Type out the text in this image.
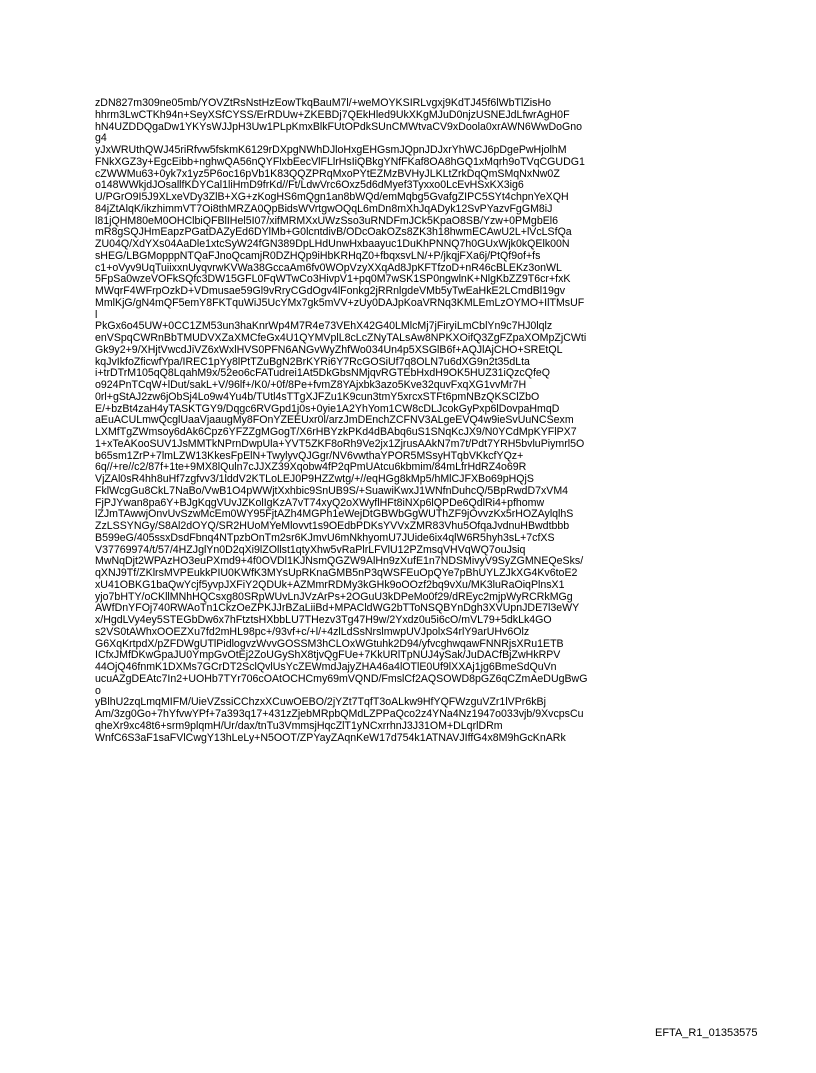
zDN827m309ne05mb/YOVZtRsNstHzEowTkqBauM7l/+weMOYKSIRLvgxj9KdTJ45f6lWbTlZisHo
hhrm3LwCTKh94n+SeyXSfCYSS/ErRDUw+ZKEBDj7QEkHled9UkXKgMJuD0njzUSNEJdLfwrAgH0F
hN4UZDDQgaDw1YKYsWJJpH3Uw1PLpKmxBlkFUtOPdkSUnCMWtvaCV9xDoola0xrAWN6WwDoGno
g4
yJxWRUthQWJ45riRfvw5fskmK6129rDXpgNWhDJloHxgEHGsmJQpnJDJxrYhWCJ6pDgePwHjolhM
FNkXGZ3y+EgcEibb+nghwQA56nQYFlxbEecVlFLlrHsIiQBkgYNfFKaf8OA8hGQ1xMqrh9oTVqCGUDG1
cZWWMu63+0yk7x1yz5P6oc16pVb1K83QQZPRqMxoPYtEZMzBVHyJLKLtZrkDqQmSMqNxNw0Z
o148WWkjdJOsallfKDYCal1liHmD9frKd//Ft/LdwVrc6Oxz5d6dMyef3Tyxxo0LcEvHSxKX3ig6
U/PGrO9I5J9XLxeVDy3ZlB+XG+zKogHS6mQgn1an8bWQd/emMqbg5GvafgZIPC5SYt4chpnYeXQH
84jZtAlqK/ikzhimmVT7Oi8thMRZA0QpBidsWVrtgwOQqL6mDn8mXhJqADyk12SvPYazvFgGM8iJ
l81jQHM80eM0OHClbiQFBlIHel5I07/xifMRMXxUWzSso3uRNDFmJCk5KpaO8SB/Yzw+0PMgbEl6
mR8gSQJHmEapzPGatDAZyEd6DYlMb+G0lcntdivB/ODcOakOZs8ZK3h18hwmECAwU2L+lVcLSfQa
ZU04Q/XdYXs04AaDle1xtcSyW24fGN389DpLHdUnwHxbaayuc1DuKhPNNQ7h0GUxWjk0kQElk00N
sHEG/LBGMopppNTQaFJnoQcamjR0DZHQp9iHbKRHqZ0+fbqxsvLN/+P/jkqjFXa6j/PtQf9of+fs
c1+oVyv9UqTuiixxnUyqvrwKVWa38GccaAm6fv0WOpVzyXXqAd8JpKFTfzoD+nR46cBLEKz3onWL
5FpSa0wzeVOFkSQfc3DW15GFL0FqWTwCo3HivpV1+pq0M7wSK1SP0ngwlnK+NlgKbZZ9T6cr+fxK
MWqrF4WFrpOzkD+VDmusae59Gl9vRryCGdOgv4lFonkg2jRRnlgdeVMb5yTwEaHkE2LCmdBl19gv
MmlKjG/gN4mQF5emY8FKTquWiJ5UcYMx7gk5mVV+zUy0DAJpKoaVRNq3KMLEmLzOYMO+IlTMsUF
l
PkGx6o45UW+0CC1ZM53un3haKnrWp4M7R4e73VEhX42G40LMlcMj7jFiryiLmCblYn9c7HJ0lqlz
enVSpqCWRnBbTMUDVXZaXMCfeGx4U1QYMVplL8cLcZNyTALsAw8NPKXOifQ3ZgFZpaXOMpZjCWti
Gk9y2+9/XHjtVwcdJiVZ6xWxlHVS0PFN6ANGvWyZhfWo034Un4p5XSGlB6f+AQJlAjCHO+SREtQL
kqJvIkfoZficwfYpa/IREC1pYy8lPtTZuBgN2BrKYRi6Y7RcGOSiUf7q8OLN7u6dXG9n2t35dLta
i+trDTrM105qQ8LqahM9x/52eo6cFATudrei1At5DkGbsNMjqvRGTEbHxdH9OK5HUZ31iQzcQfeQ
o924PnTCqW+lDut/sakL+V/96lf+/K0/+0f/8Pe+fvmZ8YAjxbk3azo5Kve32quvFxqXG1vvMr7H
0rl+gStAJ2zw6jObSj4Lo9w4Yu4b/TUtl4sTTgXJFZu1K9cun3tmY5xrcxSTFt6pmNBzQKSClZbO
E/+bzBt4zaH4yTASKTGY9/Dqgc6RVGpd1j0s+0yie1A2YhYom1CW8cDLJcokGyPxp6lDovpaHmqD
aEuACULmwQcglUaaVjaaugMy8FOnYZEEUxr0l/arzJmDEnchZCFNV3ALgeEVQ4w9ieSvUuNCSexm
LXMfTgZWmsoy6dAk6Cpz6YFZZgMGogT/X6rHBYzkPKd4dBAbq6uS1SNqKcJX9/N0YCdMpKYFlPX7
1+xTeAKooSUV1JsMMTkNPrnDwpUla+YVT5ZKF8oRh9Ve2jx1ZjrusAAkN7m7t/Pdt7YRH5bvluPiymrl5O
b65sm1ZrP+7lmLZW13KkesFpElN+TwylyvQJGgr/NV6vwthaYPOR5MSsyHTqbVKkcfYQz+
6q//+re//c2/87f+1te+9MX8lQuln7cJJXZ39Xqobw4fP2qPmUAtcu6kbmim/84mLfrHdRZ4o69R
VjZAl0sR4hh8uHf7zgfvv3/1lddV2KTLoLEJ0P9HZZwtg/+//eqHGg8kMp5/hMlCJFXBo69pHQjS
FklWcgGu8CkL7NaBo/VwB1O4pWWjtXxhbic9SnUB9S/+SuawiKwxJ1WNfnDuhcQ/5BpRwdD7xVM4
FjPJYwan8pa6Y+BJgKqgVUvJZKolIgKzA7vT74xyQ2oXWyflHFt8iNXp6lQPDe6QdlRi4+pfhomw
lZJmTAwwjOnvUvSzwMcEm0WY95FjtAZh4MGPh1eWejDtGBWbGgWUThZF9jOvvzKx5rHOZAylqlhS
ZzLSSYNGy/S8Al2dOYQ/SR2HUoMYeMlovvt1s9OEdbPDKsYVVxZMR83Vhu5OfqaJvdnuHBwdtbbb
B599eG/405ssxDsdFbnq4NTpzbOnTm2sr6KJmvU6mNkhyomU7JUide6ix4qlW6R5hyh3sL+7cfXS
V37769974/t/57/4HZJglYn0D2qXi9lZOllst1qtyXhw5vRaPlrLFVlU12PZmsqVHVqWQ7ouJsiq
MwNqDjt2WPAzHO3euPXmd9+4f0OVDl1KJNsmQGZW9AlHn9zXufE1n7NDSMivyV9SyZGMNEQeSks/
qXNJ9Tf/ZKlrsMVPEukkPIU0KWfK3MYsUpRKnaGMB5nP3qWSFEuOpQYe7pBhUYLZJkXG4Kv6toE2
xU41OBKG1baQwYcjf5yvpJXFiY2QDUk+AZMmrRDMy3kGHk9oOOzf2bq9vXu/MK3luRaOiqPlnsX1
yjo7bHTY/oCKllMNhHQCsxg80SRpWUvLnJVzArPs+2OGuU3kDPeMo0f29/dREyc2mjpWyRCRkMGg
AWfDnYFOj740RWAoTn1CkzOeZPKJJrBZaLiiBd+MPACldWG2bTToNSQBYnDgh3XVUpnJDE7l3eWY
x/HgdLVy4ey5STEGbDw6x7hFtztsHXbbLU7THezv3Tg47H9w/2Yxdz0u5i6cO/mVL79+5dkLk4GO
s2VS0tAWhxOOEZXu7fd2mHL98pc+/93vf+c/+l/+4zlLdSsNrslmwpUVJpolxS4rlY9arUHv6Olz
G6XqKrtpdX/pZFDWgUTlPidlogvzWvvGOSSM3hCLOxWGtuhk2D94/yfvcghwqawFNNRjsXRu1ETB
ICfxJMfDKwGpaJU0YmpGvOtEj2ZoUGyShX8tjvQgFUe+7KkURlTpNUJ4ySak/JuDACfBjZwHkRPV
44OjQ46fnmK1DXMs7GCrDT2SclQvlUsYcZEWmdJajyZHA46a4lOTlE0Uf9lXXAj1jg6BmeSdQuVn
ucuAZgDEAtc7In2+UOHb7TYr706cOAtOCHCmy69mVQND/FmslCf2AQSOWD8pGZ6qCZmAeDUgBwG
o
yBlhU2zqLmqMIFM/UieVZssiCChzxXCuwOEBO/2jYZt7TqfT3oALkw9HfYQFWzguVZr1lVPr6kBj
Am/3zg0Go+7hYfvwYPf+7a393q17+431zZjebMRpbQMdLZPPaQco2z4YNa4Nz1947o033vjb/9XvcpsCu
qheXr9xc48t6+srm9plqmH/Ur/dax/tnTu3VmmsjHqcZlT1yNCxrrhnJ3J31OM+DLqrlDRm
WnfC6S3aF1saFVlCwgY13hLeLy+N5OOT/ZPYayZAqnKeW17d754k1ATNAVJIffG4x8M9hGcKnARk
EFTA_R1_01353575
